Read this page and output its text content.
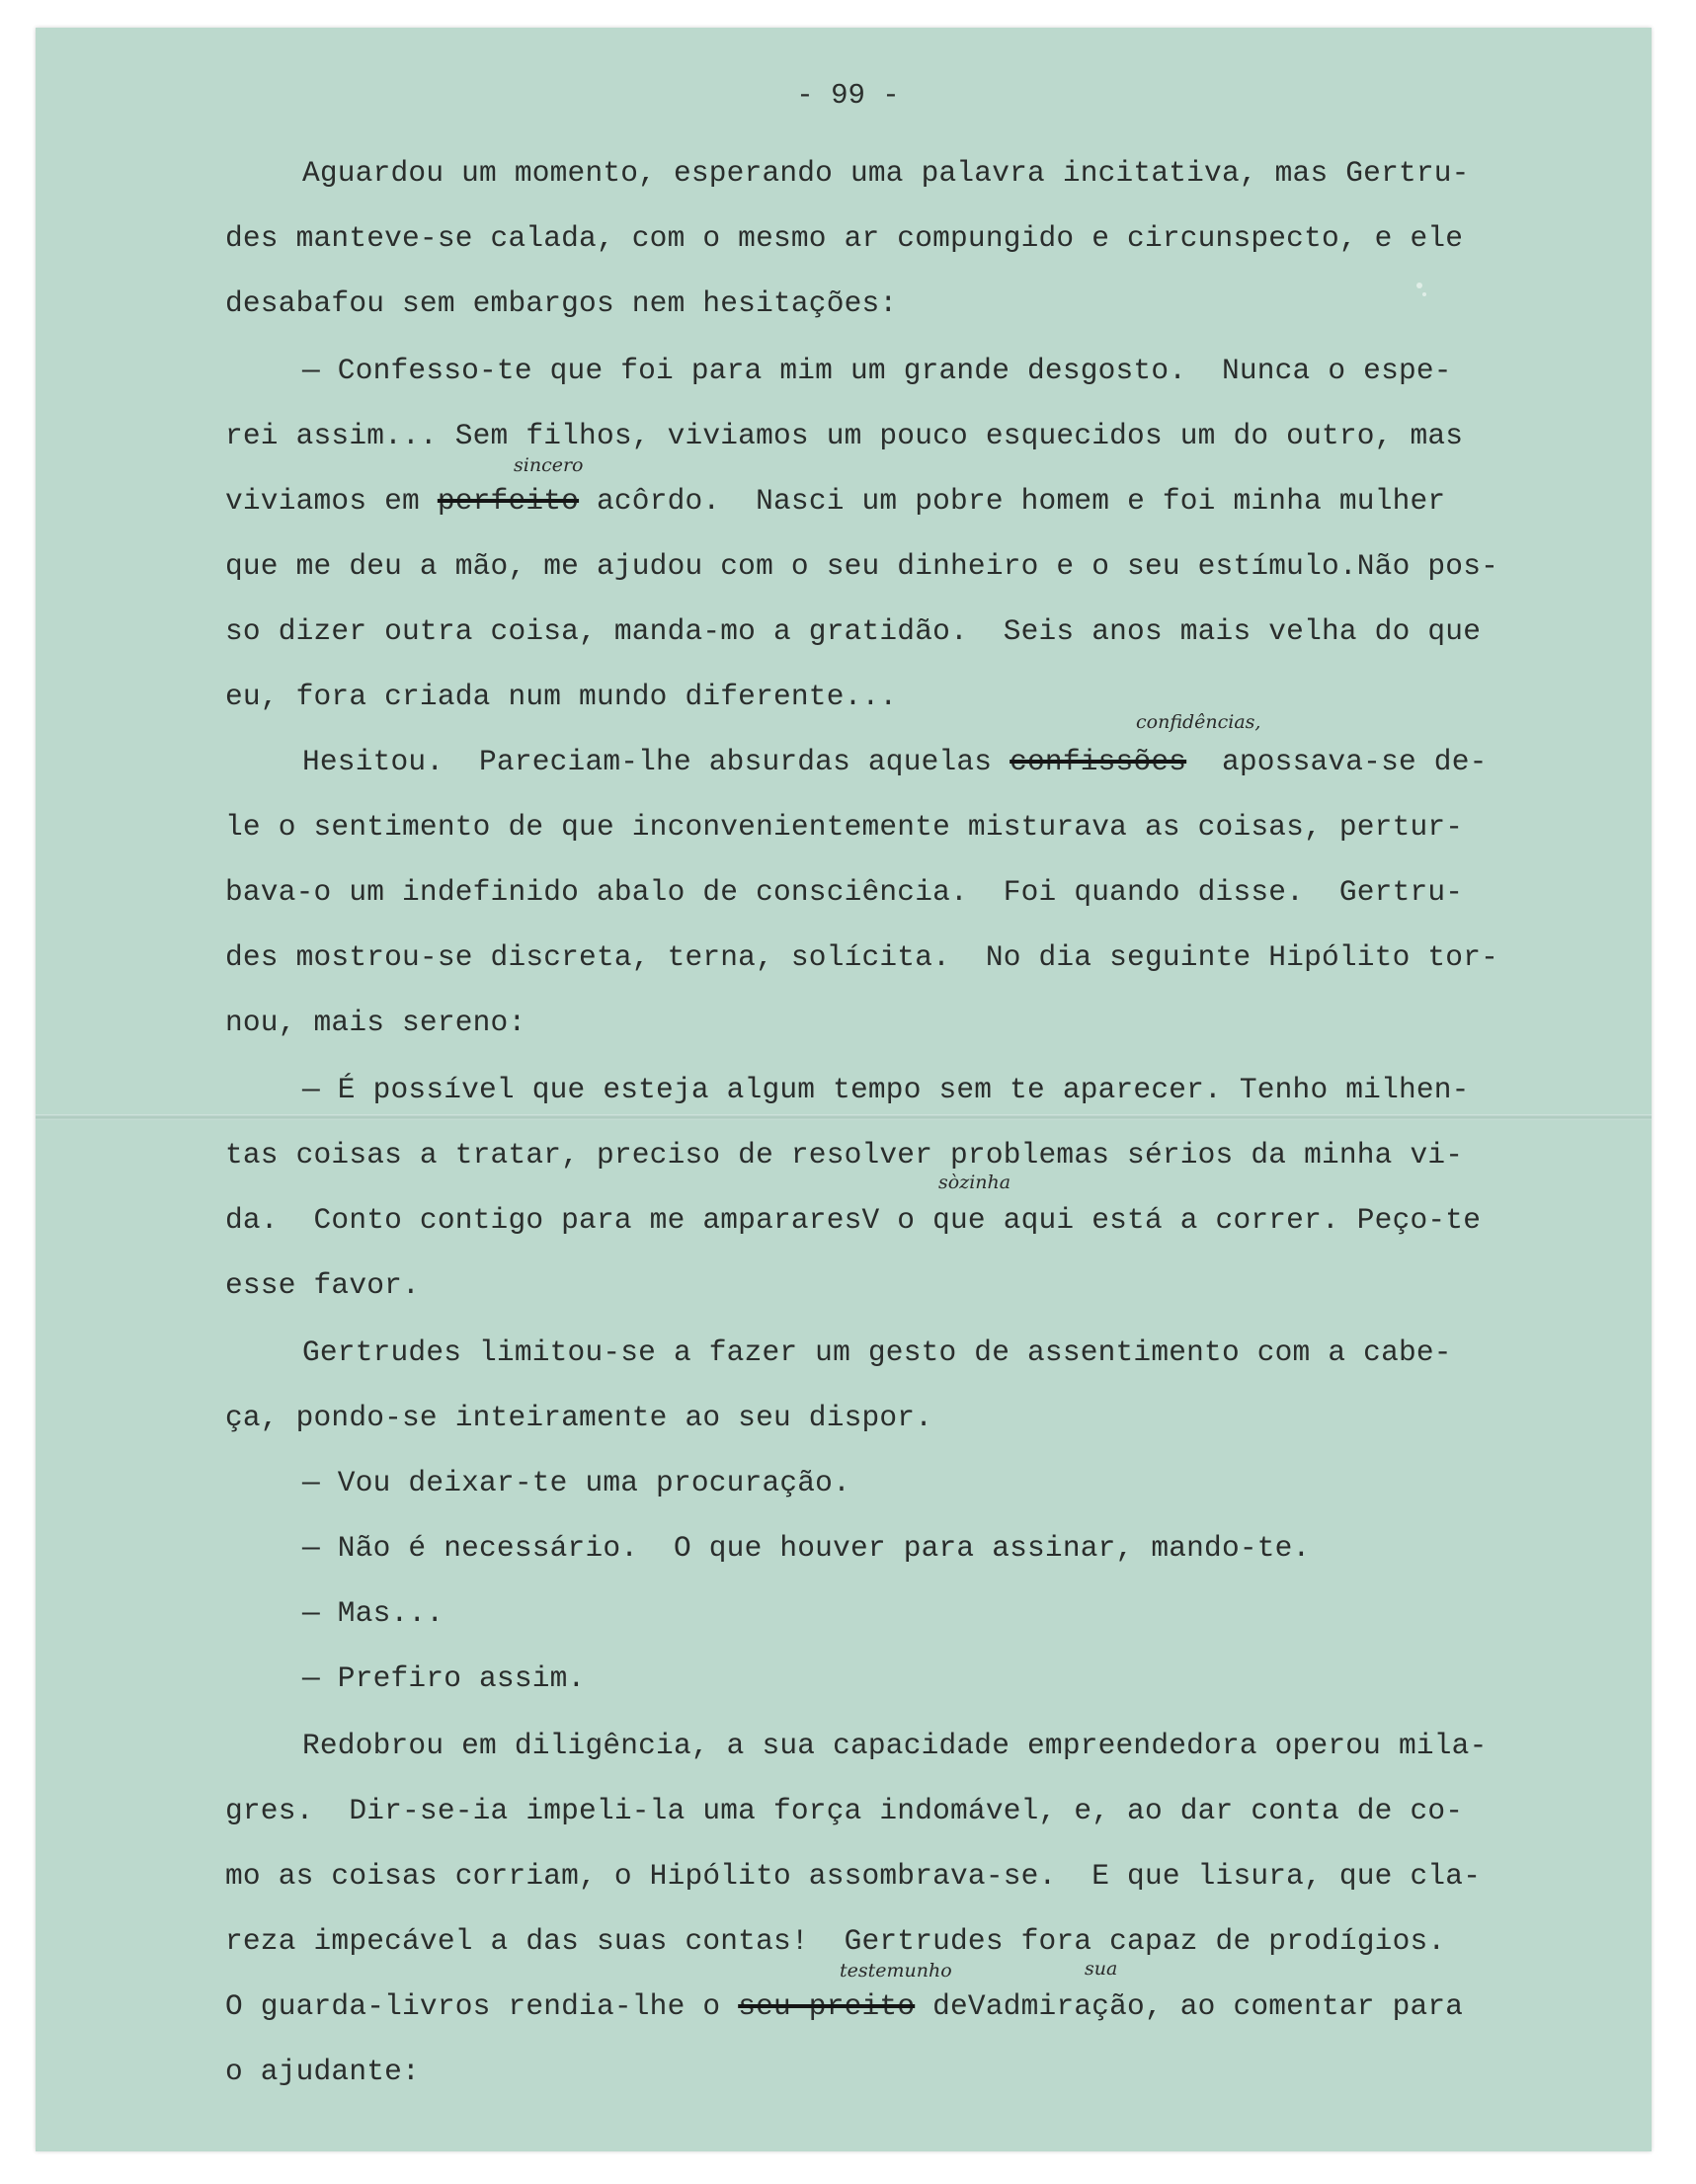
- 99 -
Aguardou um momento, esperando uma palavra incitativa, mas Gertru-
des manteve-se calada, com o mesmo ar compungido e circunspecto, e ele
desabafou sem embargos nem hesitações:
— Confesso-te que foi para mim um grande desgosto.  Nunca o espe-
rei assim... Sem filhos, viviamos um pouco esquecidos um do outro, mas
viviamos em perfeito acôrdo.  Nasci um pobre homem e foi minha mulher
sincero
que me deu a mão, me ajudou com o seu dinheiro e o seu estímulo.Não pos-
so dizer outra coisa, manda-mo a gratidão.  Seis anos mais velha do que
eu, fora criada num mundo diferente...
Hesitou.  Pareciam-lhe absurdas aquelas confissões  apossava-se de-
confidências,
le o sentimento de que inconvenientemente misturava as coisas, pertur-
bava-o um indefinido abalo de consciência.  Foi quando disse.  Gertru-
des mostrou-se discreta, terna, solícita.  No dia seguinte Hipólito tor-
nou, mais sereno:
— É possível que esteja algum tempo sem te aparecer. Tenho milhen-
tas coisas a tratar, preciso de resolver problemas sérios da minha vi-
da.  Conto contigo para me ampararesV o que aqui está a correr. Peço-te
sòzinha
esse favor.
Gertrudes limitou-se a fazer um gesto de assentimento com a cabe-
ça, pondo-se inteiramente ao seu dispor.
— Vou deixar-te uma procuração.
— Não é necessário.  O que houver para assinar, mando-te.
— Mas...
— Prefiro assim.
Redobrou em diligência, a sua capacidade empreendedora operou mila-
gres.  Dir-se-ia impeli-la uma força indomável, e, ao dar conta de co-
mo as coisas corriam, o Hipólito assombrava-se.  E que lisura, que cla-
reza impecável a das suas contas!  Gertrudes fora capaz de prodígios.
O guarda-livros rendia-lhe o seu preito deVadmiração, ao comentar para
testemunho	sua
o ajudante:
